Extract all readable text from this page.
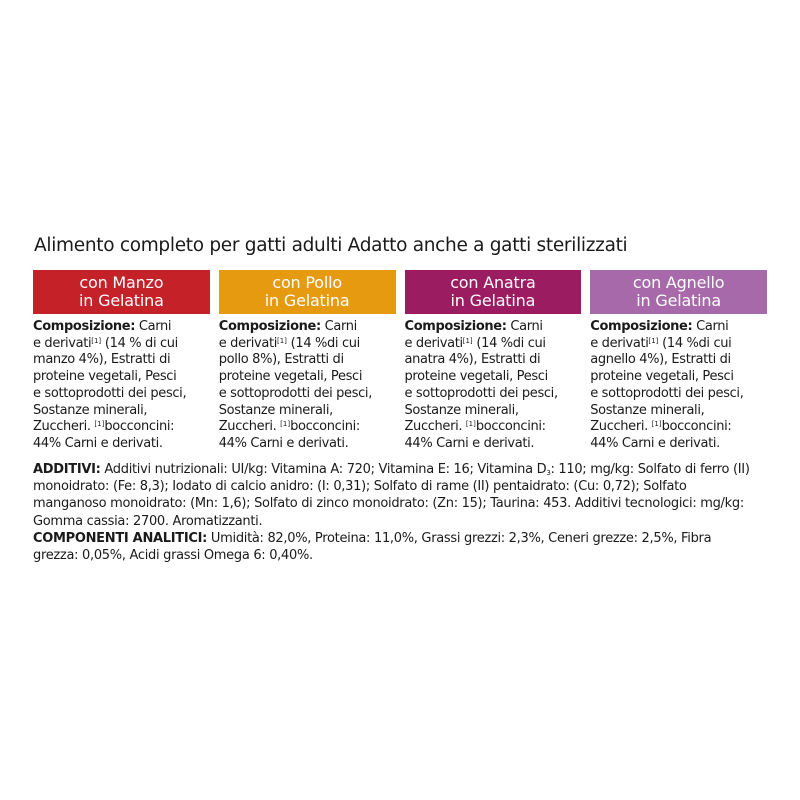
Alimento completo per gatti adulti Adatto anche a gatti sterilizzati
con Manzo
in Gelatina
Composizione: Carni
e derivati[1] (14 % di cui
manzo 4%), Estratti di
proteine vegetali, Pesci
e sottoprodotti dei pesci,
Sostanze minerali,
Zuccheri. [1]bocconcini:
44% Carni e derivati.
con Pollo
in Gelatina
Composizione: Carni
e derivati[1] (14 %di cui
pollo 8%), Estratti di
proteine vegetali, Pesci
e sottoprodotti dei pesci,
Sostanze minerali,
Zuccheri. [1]bocconcini:
44% Carni e derivati.
con Anatra
in Gelatina
Composizione: Carni
e derivati[1] (14 %di cui
anatra 4%), Estratti di
proteine vegetali, Pesci
e sottoprodotti dei pesci,
Sostanze minerali,
Zuccheri. [1]bocconcini:
44% Carni e derivati.
con Agnello
in Gelatina
Composizione: Carni
e derivati[1] (14 %di cui
agnello 4%), Estratti di
proteine vegetali, Pesci
e sottoprodotti dei pesci,
Sostanze minerali,
Zuccheri. [1]bocconcini:
44% Carni e derivati.
ADDITIVI: Additivi nutrizionali: UI/kg: Vitamina A: 720; Vitamina E: 16; Vitamina $D_3$: 110; mg/kg: Solfato di ferro (II)
monoidrato: (Fe: 8,3); Iodato di calcio anidro: (I: 0,31); Solfato di rame (II) pentaidrato: (Cu: 0,72); Solfato
manganoso monoidrato: (Mn: 1,6); Solfato di zinco monoidrato: (Zn: 15); Taurina: 453. Additivi tecnologici: mg/kg:
Gomma cassia: 2700. Aromatizzanti.
COMPONENTI ANALITICI: Umidità: 82,0%, Proteina: 11,0%, Grassi grezzi: 2,3%, Ceneri grezze: 2,5%, Fibra
grezza: 0,05%, Acidi grassi Omega 6: 0,40%.
